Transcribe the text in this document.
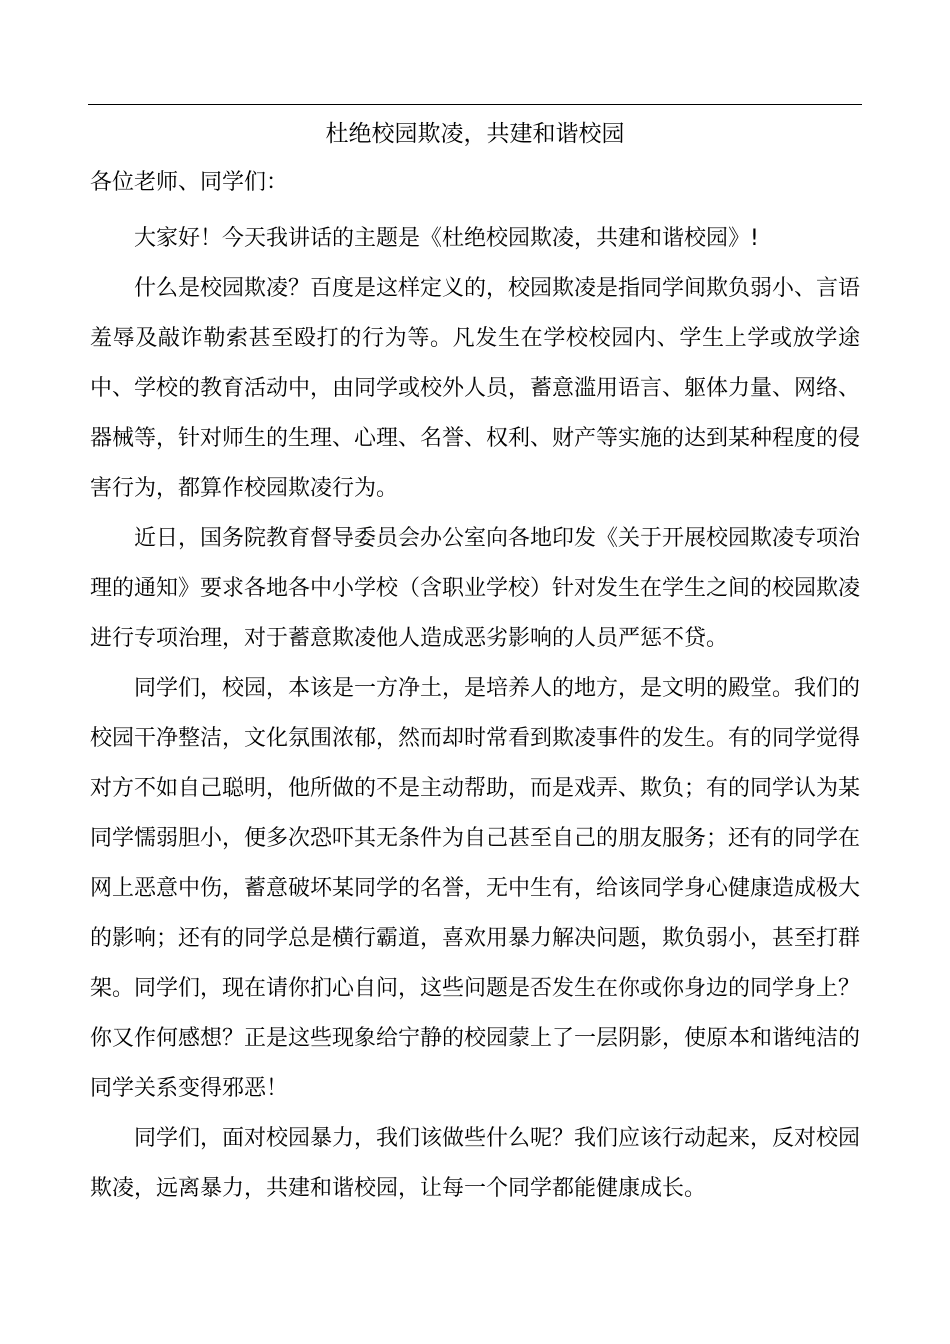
杜绝校园欺凌，共建和谐校园

各位老师、同学们：

大家好！今天我讲话的主题是《杜绝校园欺凌，共建和谐校园》!

什么是校园欺凌？百度是这样定义的，校园欺凌是指同学间欺负弱小、言语羞辱及敲诈勒索甚至殴打的行为等。凡发生在学校校园内、学生上学或放学途中、学校的教育活动中，由同学或校外人员，蓄意滥用语言、躯体力量、网络、器械等，针对师生的生理、心理、名誉、权利、财产等实施的达到某种程度的侵害行为，都算作校园欺凌行为。

近日，国务院教育督导委员会办公室向各地印发《关于开展校园欺凌专项治理的通知》要求各地各中小学校（含职业学校）针对发生在学生之间的校园欺凌进行专项治理，对于蓄意欺凌他人造成恶劣影响的人员严惩不贷。

同学们，校园，本该是一方净土，是培养人的地方，是文明的殿堂。我们的校园干净整洁，文化氛围浓郁，然而却时常看到欺凌事件的发生。有的同学觉得对方不如自己聪明，他所做的不是主动帮助，而是戏弄、欺负；有的同学认为某同学懦弱胆小，便多次恐吓其无条件为自己甚至自己的朋友服务；还有的同学在网上恶意中伤，蓄意破坏某同学的名誉，无中生有，给该同学身心健康造成极大的影响；还有的同学总是横行霸道，喜欢用暴力解决问题，欺负弱小，甚至打群架。同学们，现在请你扪心自问，这些问题是否发生在你或你身边的同学身上？你又作何感想？正是这些现象给宁静的校园蒙上了一层阴影，使原本和谐纯洁的同学关系变得邪恶！

同学们，面对校园暴力，我们该做些什么呢？我们应该行动起来，反对校园欺凌，远离暴力，共建和谐校园，让每一个同学都能健康成长。
